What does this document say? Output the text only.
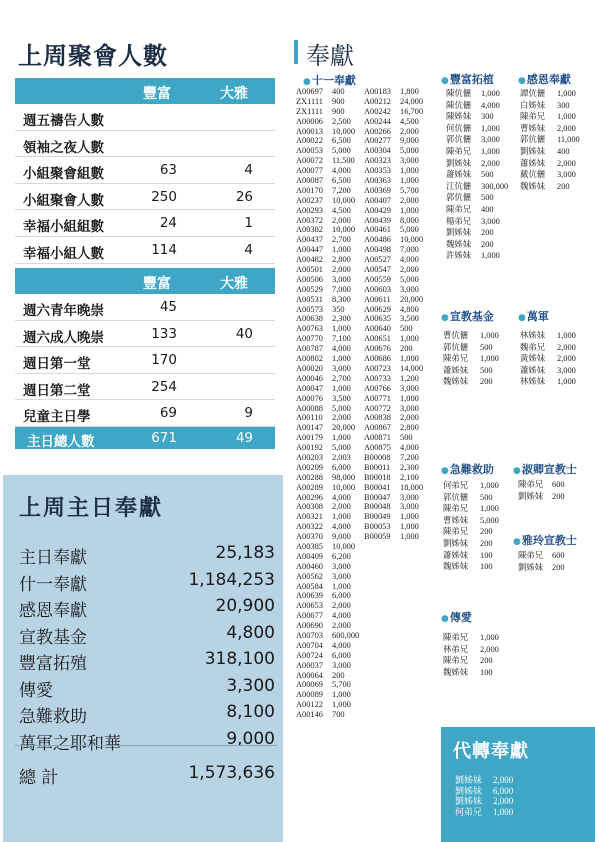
上周聚會人數
豐富	大雅
週五禱告人數
領袖之夜人數
小組聚會組數	63	4
小組聚會人數	250	26
幸福小組組數	24	1
幸福小組人數	114	4
豐富	大雅
週六青年晚崇	45
週六成人晚崇	133	40
週日第一堂	170
週日第二堂	254
兒童主日學	69	9
主日總人數	671	49
上周主日奉獻
主日奉獻	25,183
什一奉獻	1,184,253
感恩奉獻	20,900
宣教基金	4,800
豐富拓殖	318,100
傳愛	3,300
急難救助	8,100
萬軍之耶和華	9,000
總 計	1,573,636
奉獻
●十一奉獻
A00697 400
ZX1111 900
ZX1111 900
A00006 2,500
A00013 10,000
A00022 6,500
A00053 5,000
A00072 11,500
A00077 4,000
A00087 6,500
A00170 7,200
A00237 10,000
A00293 4,500
A00372 2,000
A00382 10,000
A00437 2,700
A00447 1,000
A00482 2,800
A00501 2,000
A00506 3,000
A00529 7,000
A00531 8,300
A00573 350
A00638 2,300
A00763 1,000
A00770 7,100
A00787 4,000
A00802 1,000
A00020 3,000
A00046 2,700
A00047 1,000
A00076 3,500
A00088 5,000
A00110 2,000
A00147 20,000
A00179 1,000
A00192 5,000
A00203 2,003
A00209 6,000
A00288 98,000
A00289 10,000
A00296 4,000
A00308 2,000
A00321 1,000
A00322 4,000
A00370 9,000
A00385 10,000
A00409 6,200
A00460 3,000
A00562 3,000
A00584 1,000
A00639 6,000
A00653 2,000
A00677 4,000
A00690 2,000
A00703 600,000
A00704 4,000
A00724 6,000
A00037 3,000
A00064 200
A00069 5,700
A00089 1,000
A00122 1,000
A00146 700
A00183 1,800
A00212 24,000
A00242 16,700
A00244 4,500
A00266 2,000
A00277 9,000
A00304 5,000
A00323 3,000
A00353 1,000
A00363 1,000
A00369 5,700
A00407 2,000
A00429 1,000
A00439 8,000
A00461 5,000
A00486 10,000
A00498 7,000
A00527 4,000
A00547 2,000
A00559 5,000
A00603 3,000
A00611 20,000
A00629 4,800
A00635 3,500
A00640 500
A00651 1,000
A00676 200
A00686 1,000
A00723 14,000
A00733 1,200
A00766 3,000
A00771 1,000
A00772 3,000
A00838 2,000
A00867 2,800
A00871 500
A00875 4,000
B00008 7,200
B00011 2,300
B00018 2,100
B00041 18,000
B00047 3,000
B00048 3,000
B00049 1,000
B00053 1,000
B00059 1,000
●豐富拓植
陳伉儷 1,000
陳伉儷 4,000
陳姊妹 300
何伉儷 1,000
郭伉儷 3,000
陳弟兄 1,000
劉姊妹 2,000
蕭姊妹 500
江伉儷 300,000
郭伉儷 500
陳弟兄 400
楊弟兄 3,000
劉姊妹 200
魏姊妹 200
許姊妹 1,000
●感恩奉獻
譚伉儷 1,000
白姊妹 300
陳弟兄 1,000
曹姊妹 2,000
郭伉儷 11,000
劉姊妹 400
蕭姊妹 2,000
戴伉儷 3,000
魏姊妹 200
●宣教基金
曹伉儷 1,000
郭伉儷 500
陳弟兄 1,000
蕭姊妹 500
魏姊妹 200
●萬軍
林姊妹 1,000
魏弟兄 2,000
黃姊妹 2,000
蕭姊妹 3,000
林姊妹 1,000
●急難救助
何弟兄 1,000
郭伉儷 500
陳弟兄 1,000
曹姊妹 5,000
陳弟兄 200
劉姊妹 200
蕭姊妹 100
魏姊妹 100
●淑卿宣教士
陳弟兄 600
劉姊妹 200
●雅玲宣教士
陳弟兄 600
劉姊妹 200
●傳愛
陳弟兄 1,000
林弟兄 2,000
陳弟兄 200
魏姊妹 100
代轉奉獻
劉姊妹 2,000
劉姊妹 6,000
劉姊妹 2,000
何弟兄 1,000
